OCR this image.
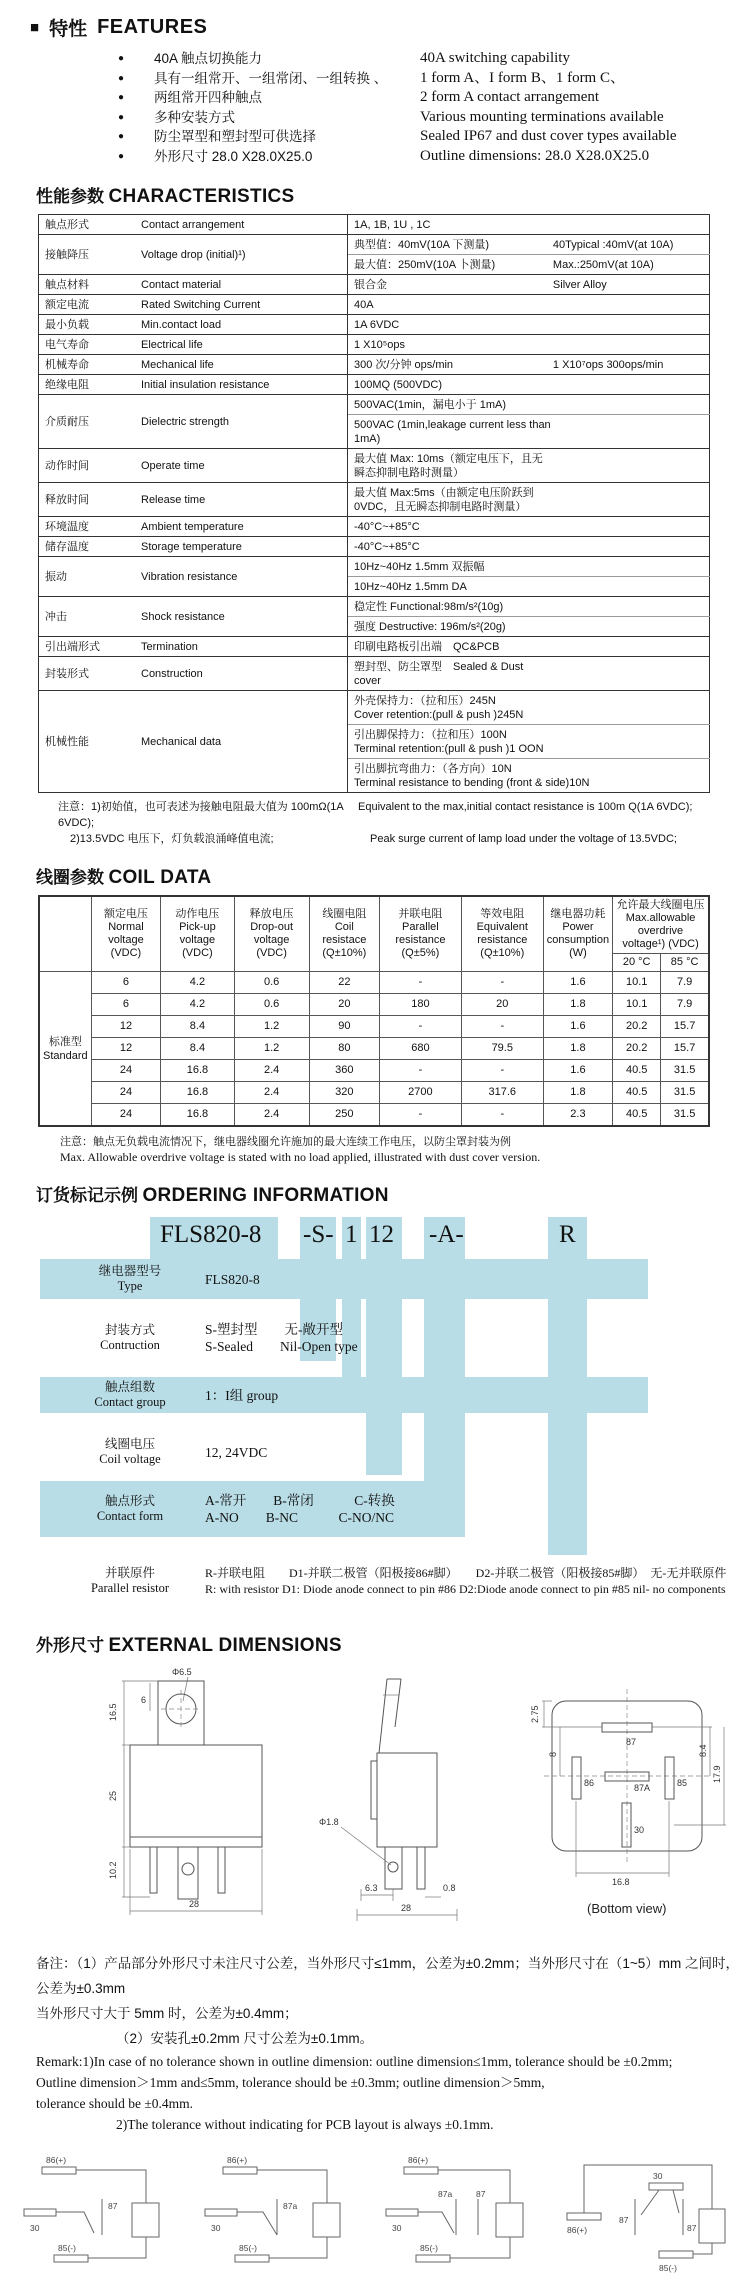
■ 特性 FEATURES
●	40A 触点切换能力	40A switching capability
●	具有一组常开、一组常闭、一组转换 、	1 form A、I form B、1 form C、
●	两组常开四种触点	2 form A contact arrangement
●	多种安装方式	Various mounting terminations available
●	防尘罩型和塑封型可供选择	Sealed IP67 and dust cover types available
●	外形尺寸 28.0 X28.0X25.0	Outline dimensions: 28.0 X28.0X25.0
性能参数 CHARACTERISTICS
触点形式	Contact arrangement	1A, 1B, 1U , 1C
接触降压	Voltage drop (initial)¹)	典型值：40mV(10A 下测量) 40Typical :40mV(at 10A)
		最大值：250mV(10A 卜测量) Max.:250mV(at 10A)
触点材料	Contact material	银合金 Silver Alloy
额定电流	Rated Switching Current	40A
最小负载	Min.contact load	1A 6VDC
电气寿命	Electrical life	1 X10⁵ops
机械寿命	Mechanical life	300 次/分钟 ops/min 1 X10⁷ops 300ops/min
绝缘电阻	Initial insulation resistance	100MQ (500VDC)
介质耐压	Dielectric strength	500VAC(1min，漏电小于 1mA)
		500VAC (1min,leakage current less than 1mA)
动作时间	Operate time	最大值 Max: 10ms（额定电压下，且无瞬态抑制电路时测量）
释放时间	Release time	最大值 Max:5ms（由额定电压阶跃到 0VDC，且无瞬态抑制电路时测量）
环境温度	Ambient temperature	-40°C~+85°C
储存温度	Storage temperature	-40°C~+85°C
振动	Vibration resistance	10Hz~40Hz 1.5mm 双振幅
		10Hz~40Hz 1.5mm DA
冲击	Shock resistance	稳定性 Functional:98m/s²(10g)
		强度 Destructive: 196m/s²(20g)
引出端形式	Termination	印刷电路板引出端　QC&PCB
封装形式	Construction	塑封型、防尘罩型　Sealed & Dust cover
机械性能	Mechanical data	外壳保持力：（拉和压）245NCover retention:(pull & push )245N
		引出脚保持力：（拉和压）100NTerminal retention:(pull & push )1 OON
		引出脚抗弯曲力：（各方向）10NTerminal resistance to bending (front & side)10N
注意：1)初始值，也可表述为接触电阻最大值为 100mΩ(1A 6VDC);
Equivalent to the max,initial contact resistance is 100m Q(1A 6VDC);
2)13.5VDC 电压下，灯负载浪涌峰值电流;	Peak surge current of lamp load under the voltage of 13.5VDC;
线圈参数 COIL DATA

额定电压
Normal voltage
(VDC)

动作电压
Pick-up voltage
(VDC)

释放电压
Drop-out voltage
(VDC)

线圈电阻
Coil resistace
(Q±10%)

并联电阻
Parallel resistance
(Q±5%)

等效电阻
Equivalent
resistance
(Q±10%)

继电器功耗
Power
consumption
(W)

允许最大线圈电压
Max.allowable overdrive
voltage¹) (VDC)

								20 °C	85 °C

标准型
Standard	6	4.2	0.6	22	-	-	1.6	10.1	7.9
	6	4.2	0.6	20	180	20	1.8	10.1	7.9
	12	8.4	1.2	90	-	-	1.6	20.2	15.7
	12	8.4	1.2	80	680	79.5	1.8	20.2	15.7
	24	16.8	2.4	360	-	-	1.6	40.5	31.5
	24	16.8	2.4	320	2700	317.6	1.8	40.5	31.5
	24	16.8	2.4	250	-	-	2.3	40.5	31.5
注意：触点无负载电流情况下，继电器线圈允许施加的最大连续工作电压，以防尘罩封装为例
Max. Allowable overdrive voltage is stated with no load applied, illustrated with dust cover version.
订货标记示例 ORDERING INFORMATION
FLS820-8 -S- 1 12 -A-	R
继电器型号
Type	FLS820-8
封装方式
Contruction
S-塑封型　　无-敞开型
S-Sealed　　Nil-Open type
触点组数
Contact group	1：I组 group
线圈电压
Coil voltage	12, 24VDC
触点形式
Contact form
A-常开　　B-常闭　　　C-转换
A-NO　　B-NC　　　C-NO/NC
并联原件
Parallel resistor
R-并联电阻　　D1-并联二极管（阳极接86#脚）　　D2-并联二极管（阳极接85#脚）　无-无并联原件
R: with resistor D1: Diode anode connect to pin #86 D2:Diode anode connect to pin #85 nil- no components
外形尺寸 EXTERNAL DIMENSIONS
Φ6.5
6
16.5
25
10.2
28
Φ1.8
6.3	0.8
28
87
86	87A	85
30
2.75
8	8.4
17.9
16.8
(Bottom view)
备注：（1）产品部分外形尺寸未注尺寸公差，当外形尺寸≤1mm，公差为±0.2mm；当外形尺寸在（1~5）mm 之间时，公差为±0.3mm
当外形尺寸大于 5mm 时，公差为±0.4mm；
（2）安装孔±0.2mm 尺寸公差为±0.1mm。
Remark:1)In case of no tolerance shown in outline dimension: outline dimension≤1mm, tolerance should be ±0.2mm;
Outline dimension＞1mm and≤5mm, tolerance should be ±0.3mm; outline dimension＞5mm,
tolerance should be ±0.4mm.
2)The tolerance without indicating for PCB layout is always ±0.1mm.
86(+)
30
87
85(-)
86(+)
30
87a
85(-)
86(+)
30
87a	87
85(-)
30
87
87
86(+)
85(-)
